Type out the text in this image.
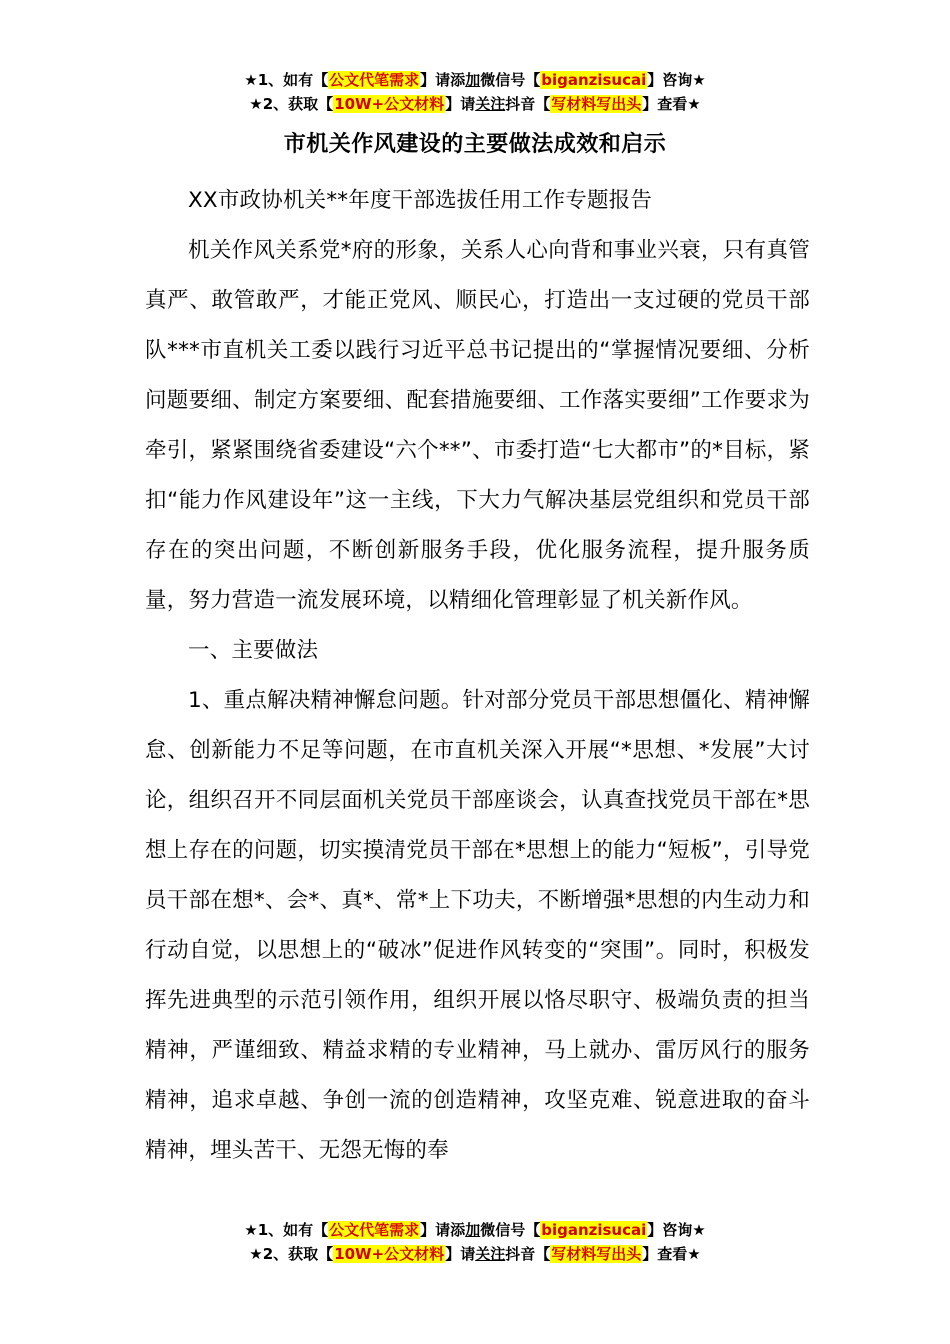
★1、如有【公文代笔需求】请添加微信号【biganzisucai】咨询★
★2、获取【10W+公文材料】请关注抖音【写材料写出头】查看★
市机关作风建设的主要做法成效和启示

XX市政协机关**年度干部选拔任用工作专题报告

机关作风关系党*府的形象，关系人心向背和事业兴衰，只有真管真严、敢管敢严，才能正党风、顺民心，打造出一支过硬的党员干部队***市直机关工委以践行习近平总书记提出的“掌握情况要细、分析问题要细、制定方案要细、配套措施要细、工作落实要细”工作要求为牵引，紧紧围绕省委建设“六个**”、市委打造“七大都市”的*目标，紧扣“能力作风建设年”这一主线，下大力气解决基层党组织和党员干部存在的突出问题，不断创新服务手段，优化服务流程，提升服务质量，努力营造一流发展环境，以精细化管理彰显了机关新作风。

一、主要做法

1、重点解决精神懈怠问题。针对部分党员干部思想僵化、精神懈怠、创新能力不足等问题，在市直机关深入开展“*思想、*发展”大讨论，组织召开不同层面机关党员干部座谈会，认真查找党员干部在*思想上存在的问题，切实摸清党员干部在*思想上的能力“短板”，引导党员干部在想*、会*、真*、常*上下功夫，不断增强*思想的内生动力和行动自觉，以思想上的“破冰”促进作风转变的“突围”。同时，积极发挥先进典型的示范引领作用，组织开展以恪尽职守、极端负责的担当精神，严谨细致、精益求精的专业精神，马上就办、雷厉风行的服务精神，追求卓越、争创一流的创造精神，攻坚克难、锐意进取的奋斗精神，埋头苦干、无怨无悔的奉

★1、如有【公文代笔需求】请添加微信号【biganzisucai】咨询★
★2、获取【10W+公文材料】请关注抖音【写材料写出头】查看★
